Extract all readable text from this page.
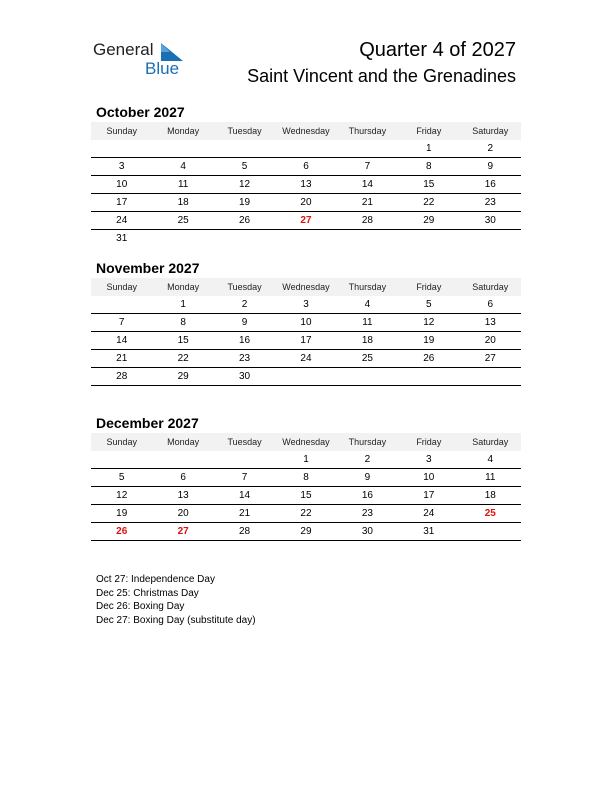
General
Blue
Quarter 4 of 2027
Saint Vincent and the Grenadines
October 2027
Sunday	Monday	Tuesday	Wednesday	Thursday	Friday	Saturday
					1	2
3	4	5	6	7	8	9
10	11	12	13	14	15	16
17	18	19	20	21	22	23
24	25	26	27	28	29	30
31						
November 2027
Sunday	Monday	Tuesday	Wednesday	Thursday	Friday	Saturday
	1	2	3	4	5	6
7	8	9	10	11	12	13
14	15	16	17	18	19	20
21	22	23	24	25	26	27
28	29	30				
December 2027
Sunday	Monday	Tuesday	Wednesday	Thursday	Friday	Saturday
			1	2	3	4
5	6	7	8	9	10	11
12	13	14	15	16	17	18
19	20	21	22	23	24	25
26	27	28	29	30	31	
Oct 27: Independence Day
Dec 25: Christmas Day
Dec 26: Boxing Day
Dec 27: Boxing Day (substitute day)
